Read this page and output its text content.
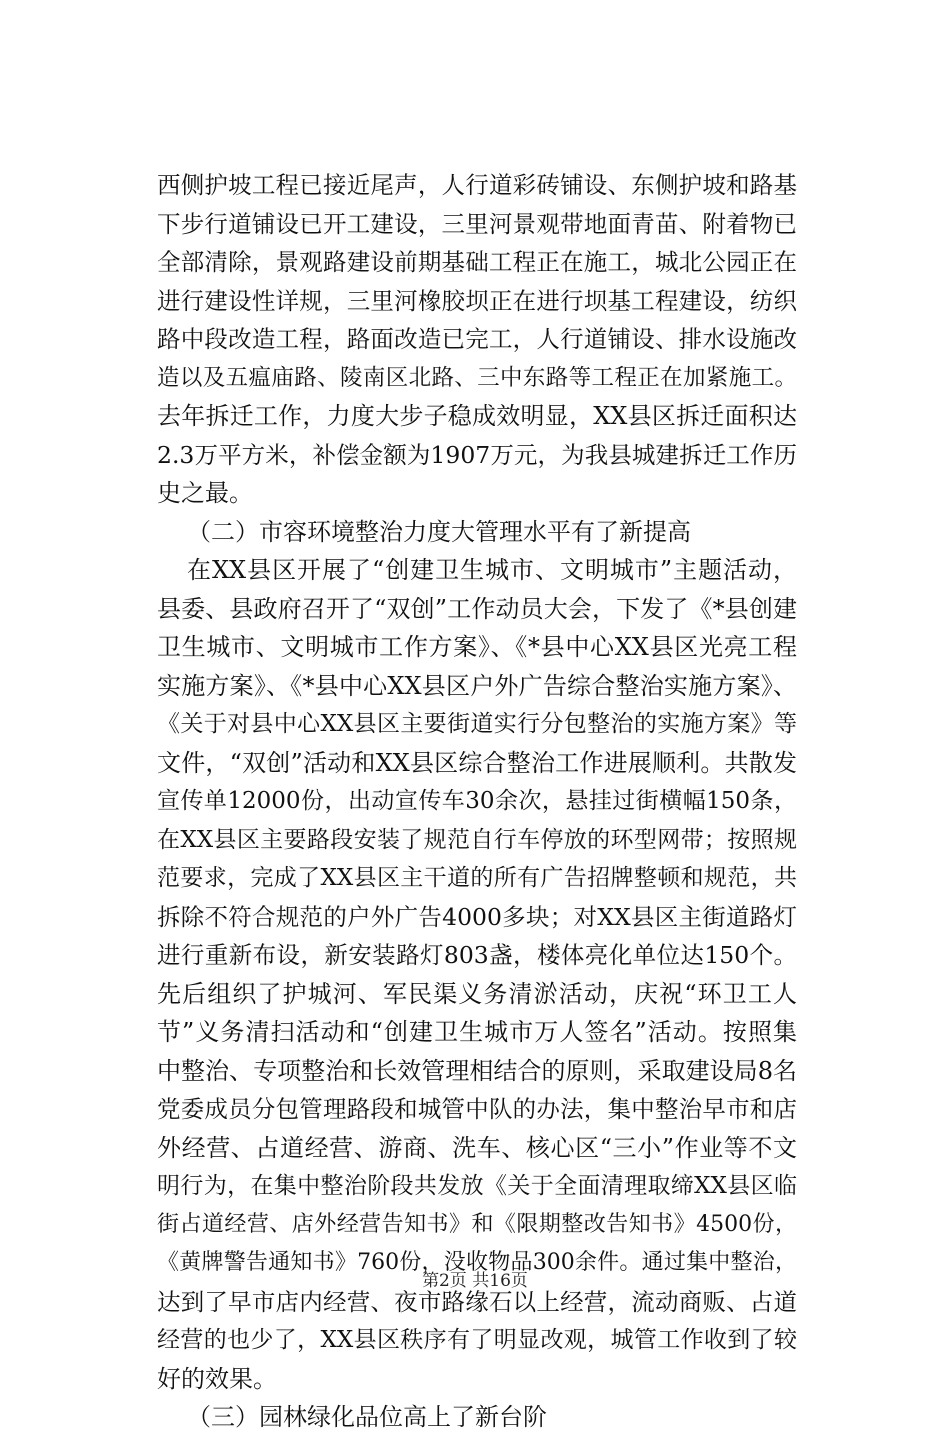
西侧护坡工程已接近尾声，人行道彩砖铺设、东侧护坡和路基
下步行道铺设已开工建设，三里河景观带地面青苗、附着物已
全部清除，景观路建设前期基础工程正在施工，城北公园正在
进行建设性详规，三里河橡胶坝正在进行坝基工程建设，纺织
路中段改造工程，路面改造已完工，人行道铺设、排水设施改
造以及五瘟庙路、陵南区北路、三中东路等工程正在加紧施工。
去年拆迁工作，力度大步子稳成效明显，XX县区拆迁面积达
2.3万平方米，补偿金额为1907万元，为我县城建拆迁工作历
史之最。
（二）市容环境整治力度大管理水平有了新提高
在XX县区开展了“创建卫生城市、文明城市”主题活动，
县委、县政府召开了“双创”工作动员大会，下发了《*县创建
卫生城市、文明城市工作方案》、《*县中心XX县区光亮工程
实施方案》、《*县中心XX县区户外广告综合整治实施方案》、
《关于对县中心XX县区主要街道实行分包整治的实施方案》等
文件，“双创”活动和XX县区综合整治工作进展顺利。共散发
宣传单12000份，出动宣传车30余次，悬挂过街横幅150条，
在XX县区主要路段安装了规范自行车停放的环型网带；按照规
范要求，完成了XX县区主干道的所有广告招牌整顿和规范，共
拆除不符合规范的户外广告4000多块；对XX县区主街道路灯
进行重新布设，新安装路灯803盏，楼体亮化单位达150个。
先后组织了护城河、军民渠义务清淤活动，庆祝“环卫工人
节”义务清扫活动和“创建卫生城市万人签名”活动。按照集
中整治、专项整治和长效管理相结合的原则，采取建设局8名
党委成员分包管理路段和城管中队的办法，集中整治早市和店
外经营、占道经营、游商、洗车、核心区“三小”作业等不文
明行为，在集中整治阶段共发放《关于全面清理取缔XX县区临
街占道经营、店外经营告知书》和《限期整改告知书》4500份，
《黄牌警告通知书》760份，没收物品300余件。通过集中整治，
达到了早市店内经营、夜市路缘石以上经营，流动商贩、占道
经营的也少了，XX县区秩序有了明显改观，城管工作收到了较
好的效果。
（三）园林绿化品位高上了新台阶
第2页 共16页
